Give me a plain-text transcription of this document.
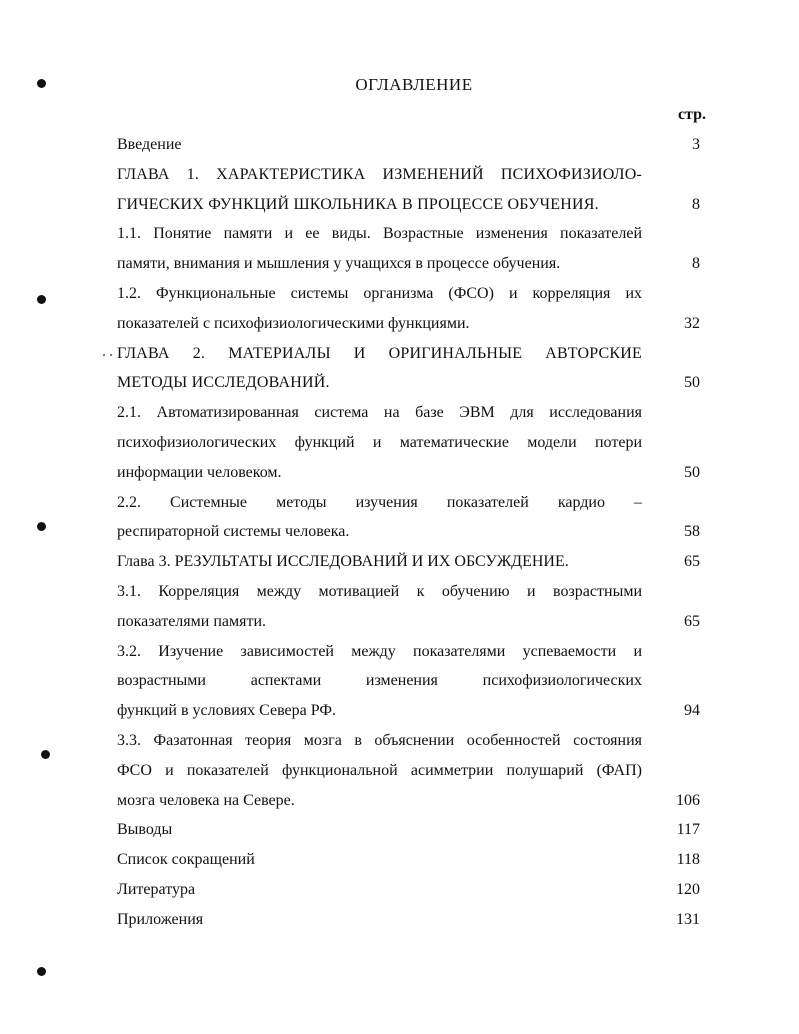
ОГЛАВЛЕНИЕ
стр.
Введение	3
ГЛАВА 1. ХАРАКТЕРИСТИКА ИЗМЕНЕНИЙ ПСИХОФИЗИОЛО-
ГИЧЕСКИХ ФУНКЦИЙ ШКОЛЬНИКА В ПРОЦЕССЕ ОБУЧЕНИЯ.	8
1.1. Понятие памяти и ее виды. Возрастные изменения показателей
памяти, внимания и мышления у учащихся в процессе обучения.	8
1.2. Функциональные системы организма (ФСО) и корреляция их
показателей с психофизиологическими функциями.	32
ГЛАВА 2. МАТЕРИАЛЫ И ОРИГИНАЛЬНЫЕ АВТОРСКИЕ
МЕТОДЫ ИССЛЕДОВАНИЙ.	50
2.1. Автоматизированная система на базе ЭВМ для исследования
психофизиологических функций и математические модели потери
информации человеком.	50
2.2. Системные методы изучения показателей кардио –
респираторной системы человека.	58
Глава 3. РЕЗУЛЬТАТЫ ИССЛЕДОВАНИЙ И ИХ ОБСУЖДЕНИЕ.	65
3.1. Корреляция между мотивацией к обучению и возрастными
показателями памяти.	65
3.2. Изучение зависимостей между показателями успеваемости и
возрастными аспектами изменения психофизиологических
функций в условиях Севера РФ.	94
3.3. Фазатонная теория мозга в объяснении особенностей состояния
ФСО и показателей функциональной асимметрии полушарий (ФАП)
мозга человека на Севере.	106
Выводы	117
Список сокращений	118
Литература	120
Приложения	131
